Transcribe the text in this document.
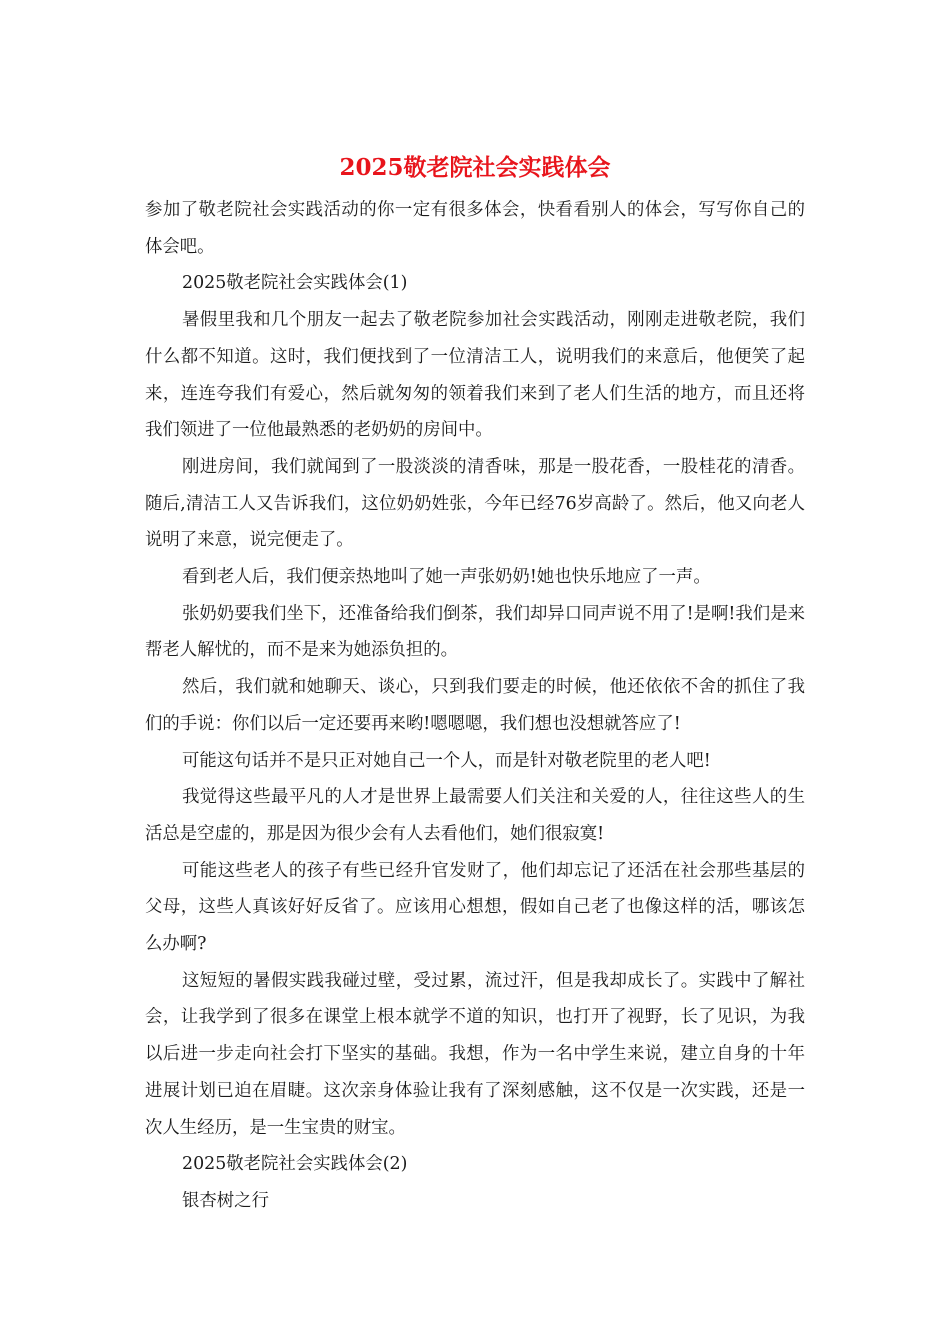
2025敬老院社会实践体会

参加了敬老院社会实践活动的你一定有很多体会，快看看别人的体会，写写你自己的体会吧。

2025敬老院社会实践体会(1)

暑假里我和几个朋友一起去了敬老院参加社会实践活动，刚刚走进敬老院，我们什么都不知道。这时，我们便找到了一位清洁工人，说明我们的来意后，他便笑了起来，连连夸我们有爱心，然后就匆匆的领着我们来到了老人们生活的地方，而且还将我们领进了一位他最熟悉的老奶奶的房间中。

刚进房间，我们就闻到了一股淡淡的清香味，那是一股花香，一股桂花的清香。随后,清洁工人又告诉我们，这位奶奶姓张，今年已经76岁高龄了。然后，他又向老人说明了来意，说完便走了。

看到老人后，我们便亲热地叫了她一声张奶奶!她也快乐地应了一声。

张奶奶要我们坐下，还准备给我们倒茶，我们却异口同声说不用了!是啊!我们是来帮老人解忧的，而不是来为她添负担的。

然后，我们就和她聊天、谈心，只到我们要走的时候，他还依依不舍的抓住了我们的手说：你们以后一定还要再来哟!嗯嗯嗯，我们想也没想就答应了!

可能这句话并不是只正对她自己一个人，而是针对敬老院里的老人吧!

我觉得这些最平凡的人才是世界上最需要人们关注和关爱的人，往往这些人的生活总是空虚的，那是因为很少会有人去看他们，她们很寂寞!

可能这些老人的孩子有些已经升官发财了，他们却忘记了还活在社会那些基层的父母，这些人真该好好反省了。应该用心想想，假如自己老了也像这样的活，哪该怎么办啊?

这短短的暑假实践我碰过壁，受过累，流过汗，但是我却成长了。实践中了解社会，让我学到了很多在课堂上根本就学不道的知识，也打开了视野，长了见识，为我以后进一步走向社会打下坚实的基础。我想，作为一名中学生来说，建立自身的十年进展计划已迫在眉睫。这次亲身体验让我有了深刻感触，这不仅是一次实践，还是一次人生经历，是一生宝贵的财宝。

2025敬老院社会实践体会(2)

银杏树之行
